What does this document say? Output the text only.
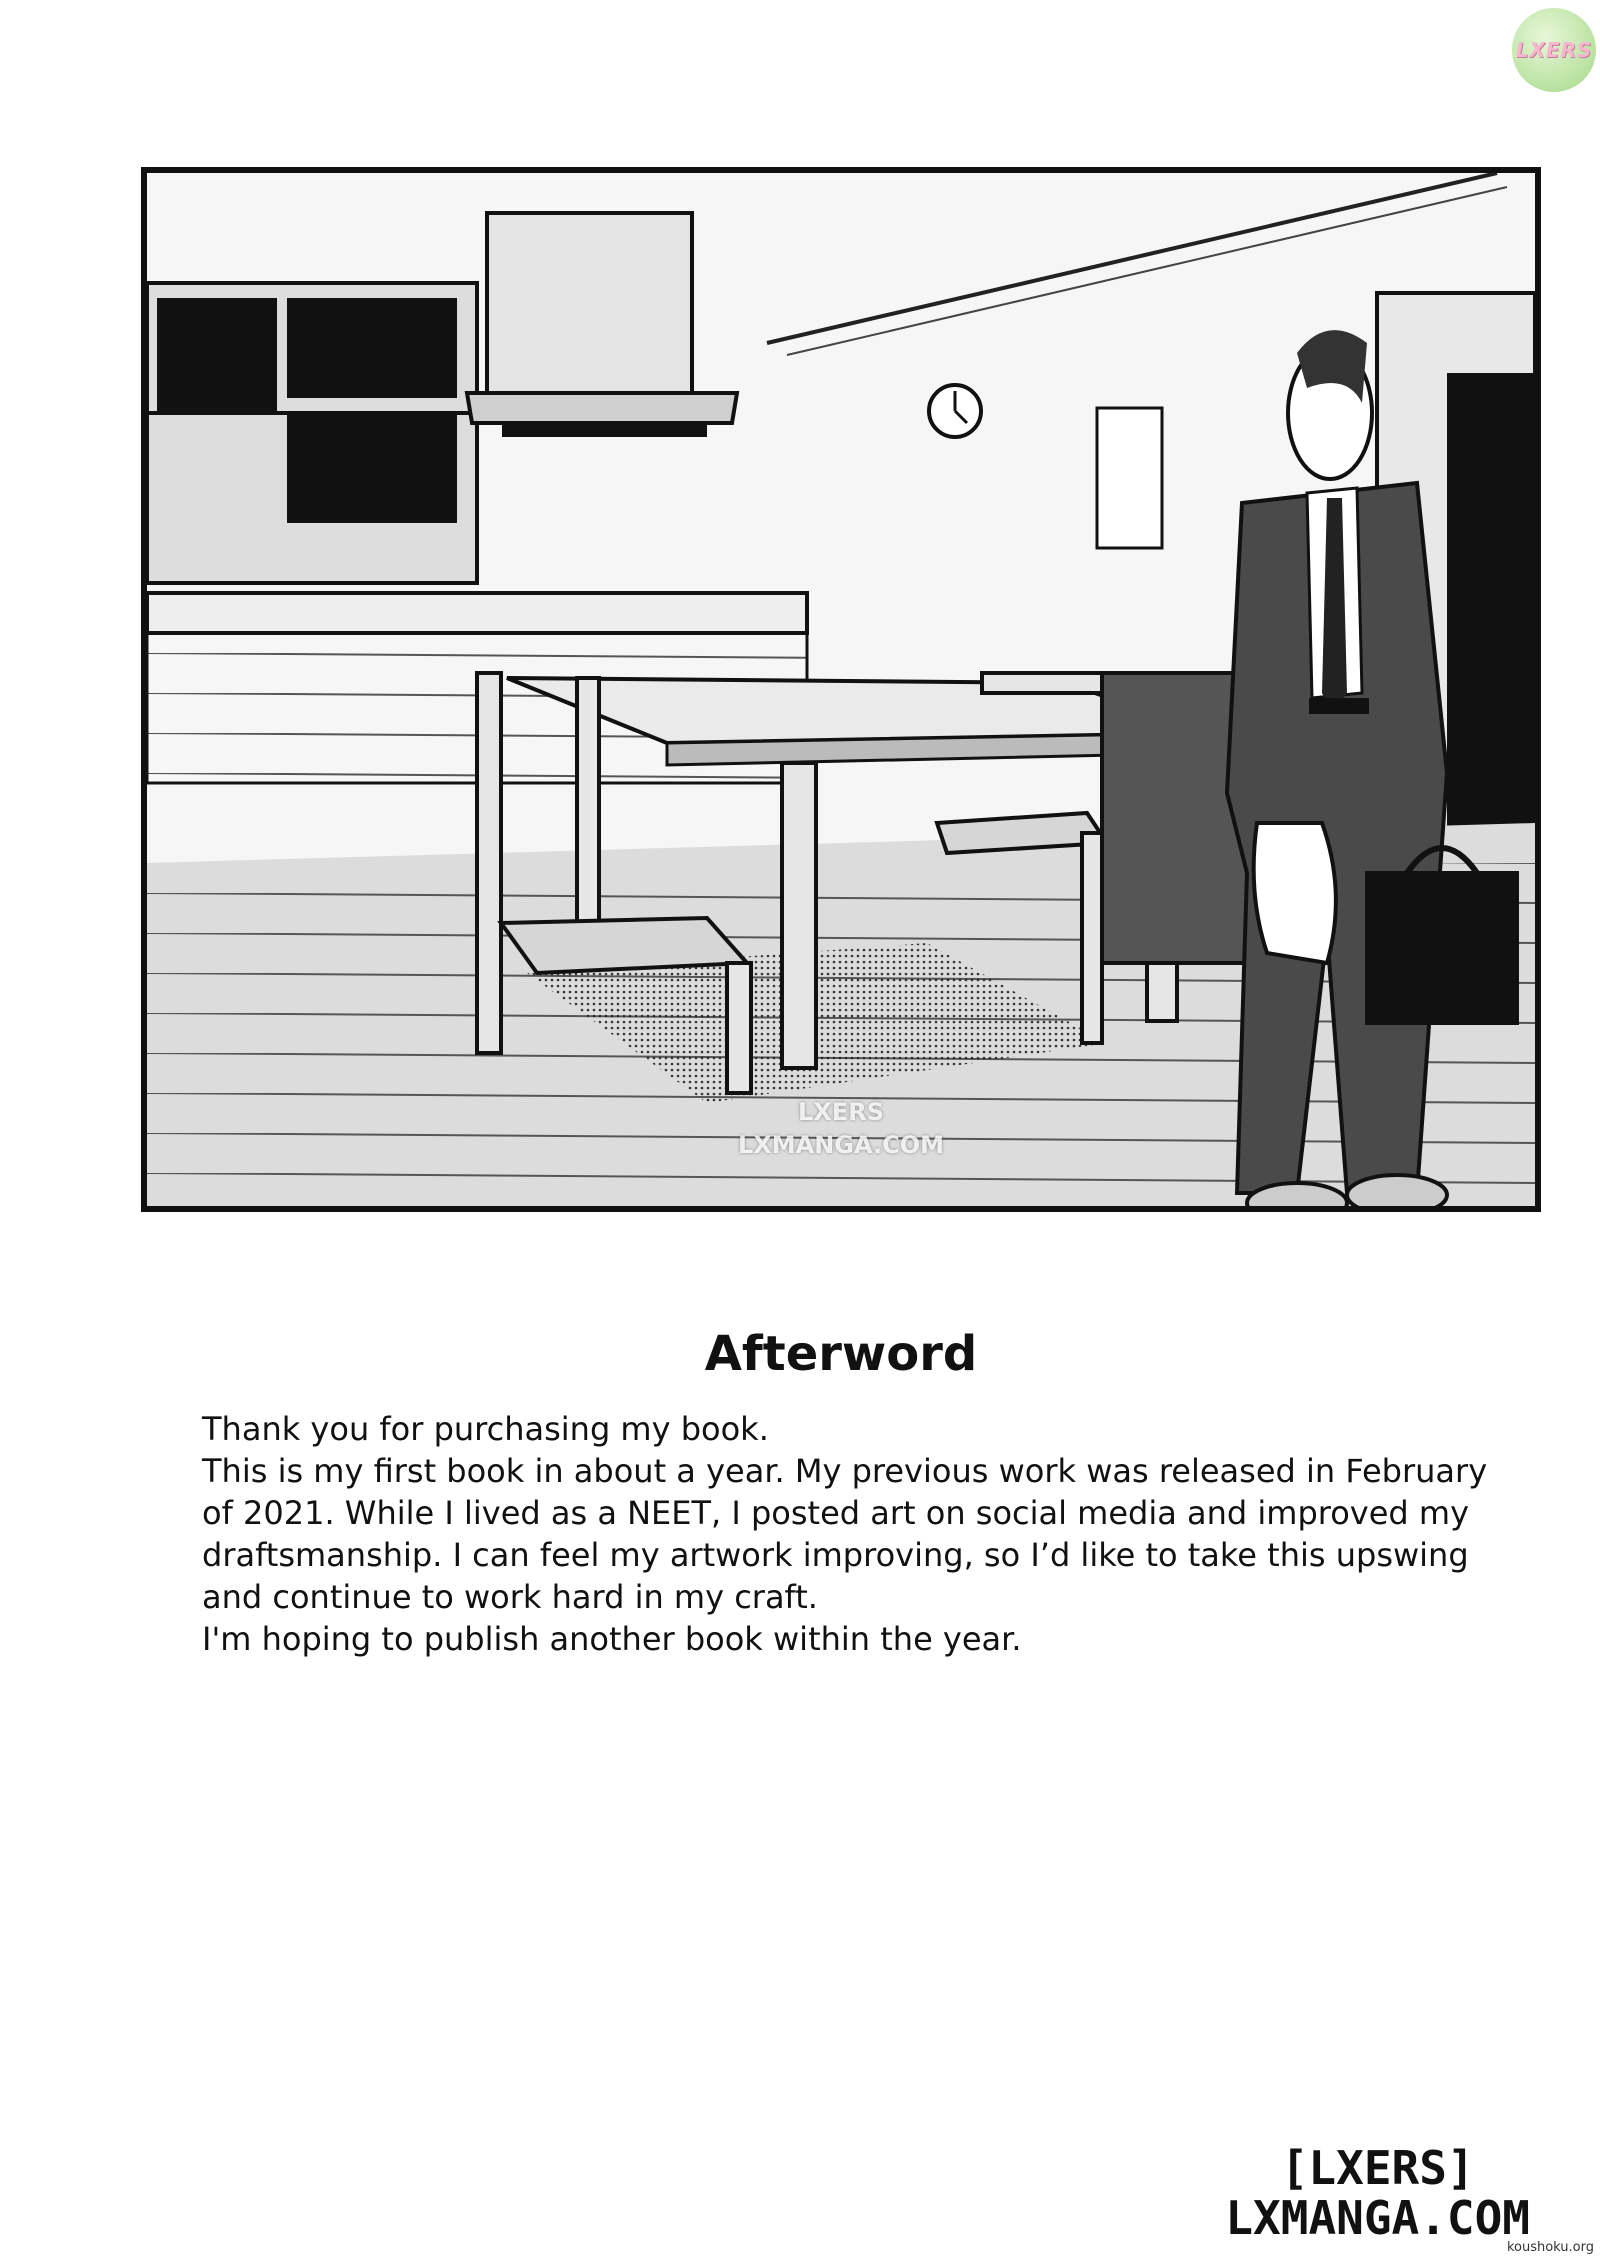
LXERS
LXERS
LXMANGA.COM
Afterword

Thank you for purchasing my book.

This is my first book in about a year. My previous work was released in February of 2021. While I lived as a NEET, I posted art on social media and improved my draftsmanship. I can feel my artwork improving, so I’d like to take this upswing and continue to work hard in my craft.

I'm hoping to publish another book within the year.

[LXERS]
LXMANGA.COM
koushoku.org
